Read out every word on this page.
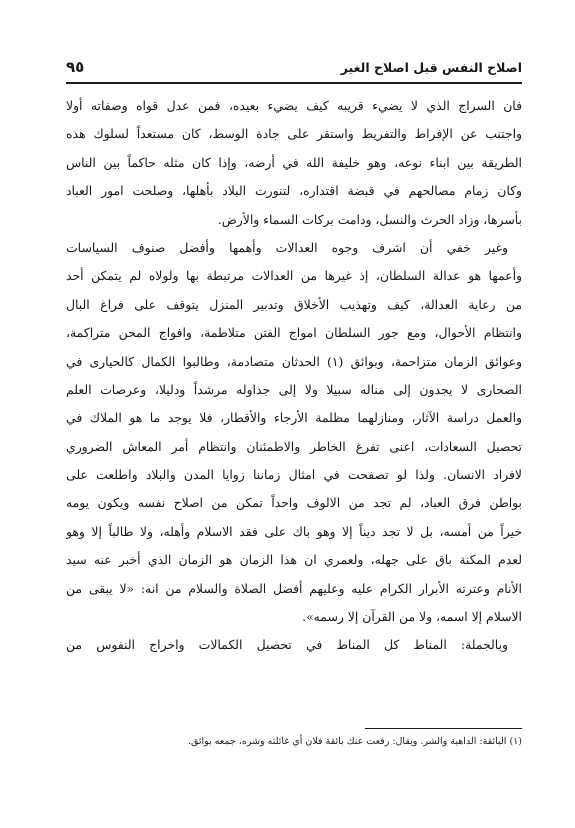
اصلاح النفس قبل اصلاح الغير
٩٥
فان السراج الذي لا يضيء قريبه كيف يضيء بعيده، فمن عدل قواه وصفاته أولا
واجتنب عن الإفراط والتفريط واستقر على جادة الوسط، كان مستعداً لسلوك هذه
الطريقة بين ابناء نوعه، وهو خليفة الله في أرضه، وإذا كان مثله حاكماً بين الناس
وكان زمام مصالحهم في قبضة اقتداره، لتنورت البلاد بأهلها، وصلحت امور العباد
بأسرها، وزاد الحرث والنسل، ودامت بركات السماء والأرض.
وغير خفي أن اشرف وجوه العدالات وأهمها وأفضل صنوف السياسات
وأعمها هو عدالة السلطان، إذ غيرها من العدالات مرتبطة بها ولولاه لم يتمكن أحد
من رعاية العدالة، كيف وتهذيب الأخلاق وتدبير المنزل يتوقف على فراغ البال
وانتظام الأحوال، ومع جور السلطان امواج الفتن متلاطمة، وافواج المحن متراكمة،
وعوائق الزمان متزاحمة، وبوائق (١) الحدثان متصادمة، وطالبوا الكمال كالحيارى في
الصحارى لا يجدون إلى مناله سبيلا ولا إلى جداوله مرشداً ودليلا، وعرصات العلم
والعمل دراسة الآثار، ومنازلهما مظلمة الأرجاء والأقطار، فلا يوجد ما هو الملاك في
تحصيل السعادات، اعنى تفرغ الخاطر والاطمئنان وانتظام أمر المعاش الضروري
لافراد الانسان. ولذا لو تصفحت في امثال زماننا زوايا المدن والبلاد واطلعت على
بواطن فرق العباد، لم تجد من الالوف واحداً تمكن من اصلاح نفسه ويكون يومه
خيراً من أمسه، بل لا تجد ديناً إلا وهو باك على فقد الاسلام وأهله، ولا طالباً إلا وهو
لعدم المكنة باق على جهله، ولعمري ان هذا الزمان هو الزمان الذي أخبر عنه سيد
الأنام وعترته الأبرار الكرام عليه وعليهم أفضل الصلاة والسلام من انه: «لا يبقى من
الاسلام إلا اسمه، ولا من القرآن إلا رسمه».
وبالجملة: المناط كل المناط في تحصيل الكمالات واخراج النفوس من
(١) البائقة: الداهية والشر. ويقال: رفعت عنك بائقة فلان أي غائلته وشره، جمعه بوائق.
